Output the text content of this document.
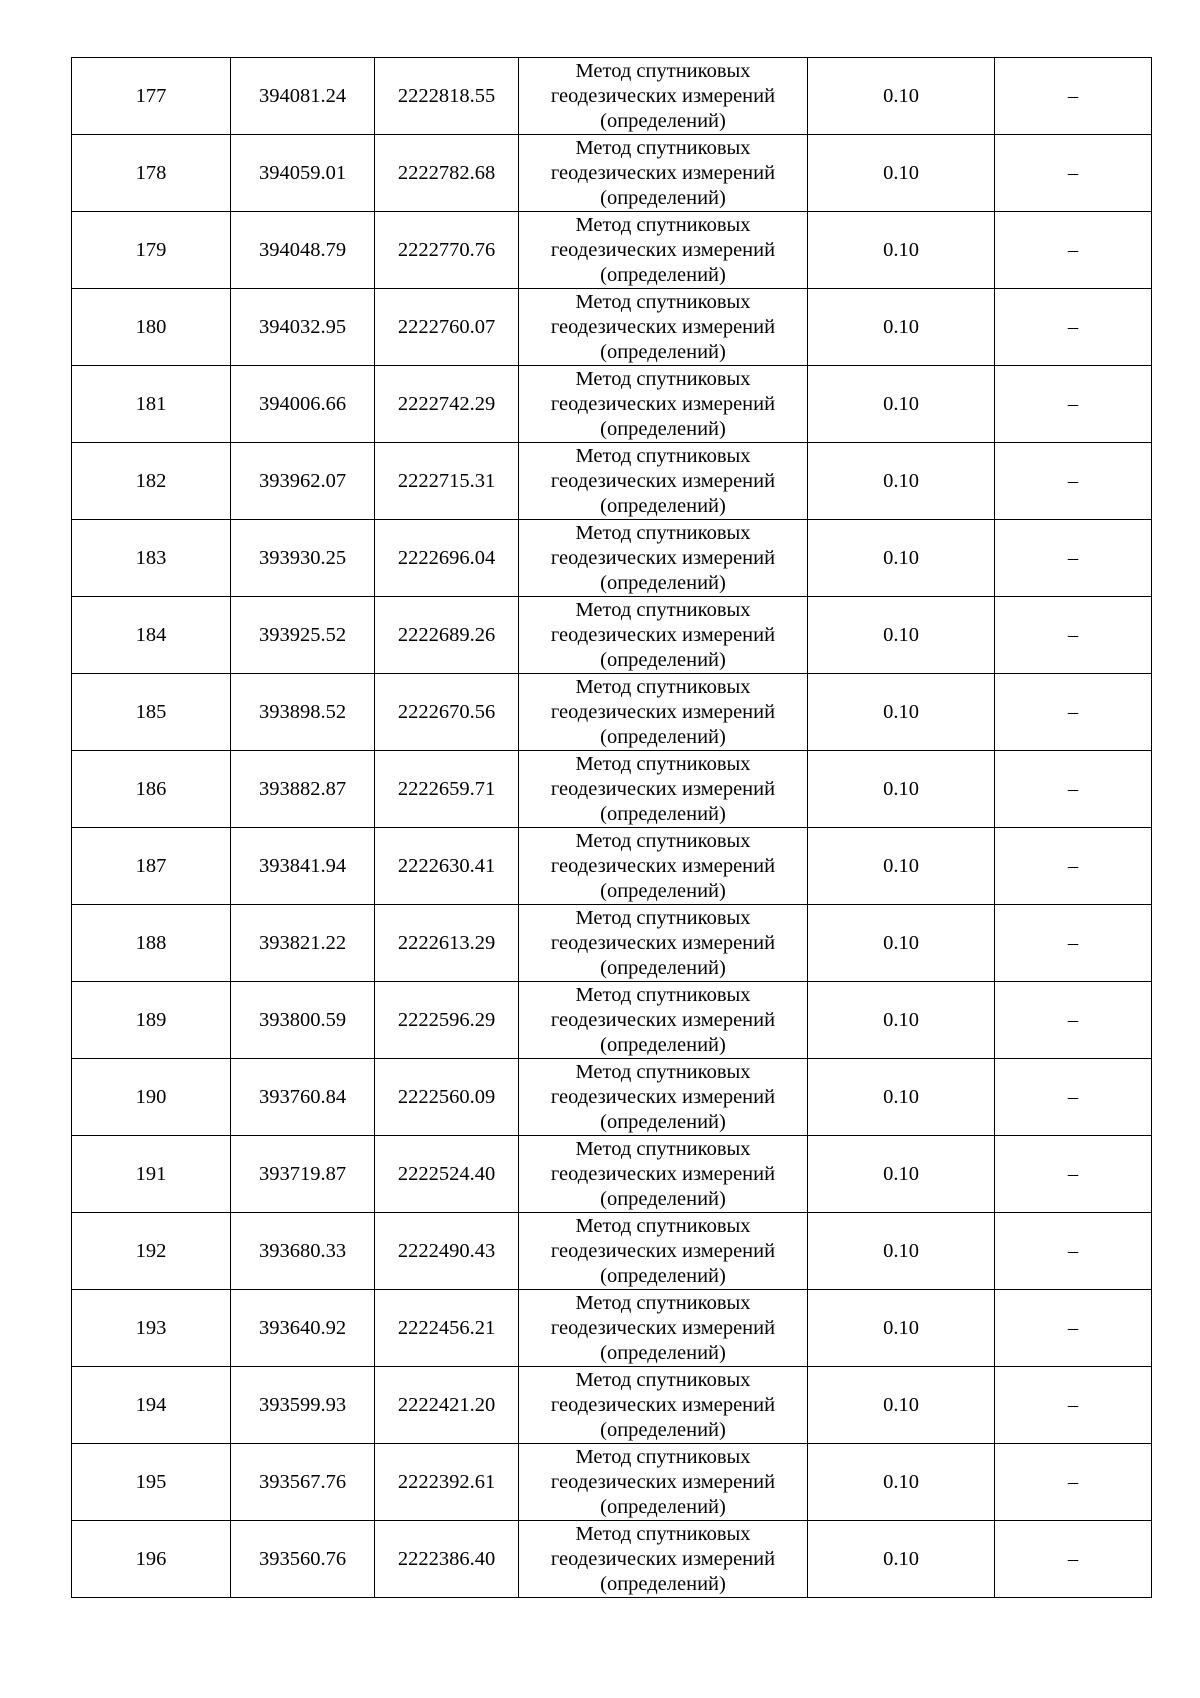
177	394081.24	2222818.55	Метод спутниковых
геодезических измерений
(определений)	0.10	–
178	394059.01	2222782.68	Метод спутниковых
геодезических измерений
(определений)	0.10	–
179	394048.79	2222770.76	Метод спутниковых
геодезических измерений
(определений)	0.10	–
180	394032.95	2222760.07	Метод спутниковых
геодезических измерений
(определений)	0.10	–
181	394006.66	2222742.29	Метод спутниковых
геодезических измерений
(определений)	0.10	–
182	393962.07	2222715.31	Метод спутниковых
геодезических измерений
(определений)	0.10	–
183	393930.25	2222696.04	Метод спутниковых
геодезических измерений
(определений)	0.10	–
184	393925.52	2222689.26	Метод спутниковых
геодезических измерений
(определений)	0.10	–
185	393898.52	2222670.56	Метод спутниковых
геодезических измерений
(определений)	0.10	–
186	393882.87	2222659.71	Метод спутниковых
геодезических измерений
(определений)	0.10	–
187	393841.94	2222630.41	Метод спутниковых
геодезических измерений
(определений)	0.10	–
188	393821.22	2222613.29	Метод спутниковых
геодезических измерений
(определений)	0.10	–
189	393800.59	2222596.29	Метод спутниковых
геодезических измерений
(определений)	0.10	–
190	393760.84	2222560.09	Метод спутниковых
геодезических измерений
(определений)	0.10	–
191	393719.87	2222524.40	Метод спутниковых
геодезических измерений
(определений)	0.10	–
192	393680.33	2222490.43	Метод спутниковых
геодезических измерений
(определений)	0.10	–
193	393640.92	2222456.21	Метод спутниковых
геодезических измерений
(определений)	0.10	–
194	393599.93	2222421.20	Метод спутниковых
геодезических измерений
(определений)	0.10	–
195	393567.76	2222392.61	Метод спутниковых
геодезических измерений
(определений)	0.10	–
196	393560.76	2222386.40	Метод спутниковых
геодезических измерений
(определений)	0.10	–
